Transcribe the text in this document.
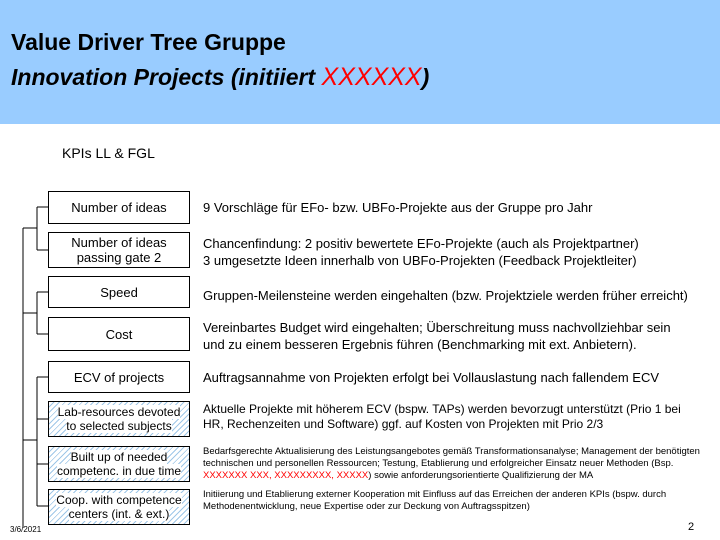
Value Driver Tree Gruppe
Innovation Projects (initiiert XXXXXX)
KPIs LL & FGL
Number of ideas
Number of ideas
passing gate 2
Speed
Cost
ECV of projects
Lab-resources devoted
to selected subjects
Built up of needed
competenc. in due time
Coop. with competence
centers (int. & ext.)
9 Vorschläge für EFo- bzw. UBFo-Projekte aus der Gruppe pro Jahr
Chancenfindung: 2 positiv bewertete EFo-Projekte (auch als Projektpartner)
3 umgesetzte Ideen innerhalb von UBFo-Projekten (Feedback Projektleiter)
Gruppen-Meilensteine werden eingehalten (bzw. Projektziele werden früher erreicht)
Vereinbartes Budget wird eingehalten; Überschreitung muss nachvollziehbar sein
und zu einem besseren Ergebnis führen (Benchmarking mit ext. Anbietern).
Auftragsannahme von Projekten erfolgt bei Vollauslastung nach fallendem ECV
Aktuelle Projekte mit höherem ECV (bspw. TAPs) werden bevorzugt unterstützt (Prio 1 bei
HR, Rechenzeiten und Software) ggf. auf Kosten von Projekten mit Prio 2/3
Bedarfsgerechte Aktualisierung des Leistungsangebotes gemäß Transformationsanalyse; Management der benötigten technischen und personellen Ressourcen; Testung, Etablierung und erfolgreicher Einsatz neuer Methoden (Bsp. XXXXXXX XXX, XXXXXXXXX, XXXXX) sowie anforderungsorientierte Qualifizierung der MA
Initiierung und Etablierung externer Kooperation mit Einfluss auf das Erreichen der anderen KPIs (bspw. durch Methodenentwicklung, neue Expertise oder zur Deckung von Auftragsspitzen)
3/6/2021	2
